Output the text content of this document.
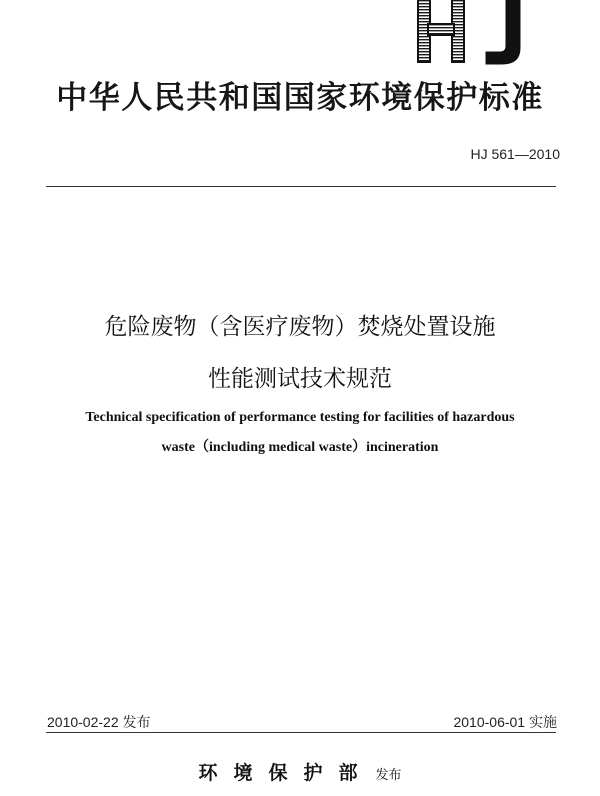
中华人民共和国国家环境保护标准
HJ 561—2010
危险废物（含医疗废物）焚烧处置设施
性能测试技术规范
Technical specification of performance testing for facilities of hazardous
waste（including medical waste）incineration
2010-02-22 发布	2010-06-01 实施
环境保护部 发布
